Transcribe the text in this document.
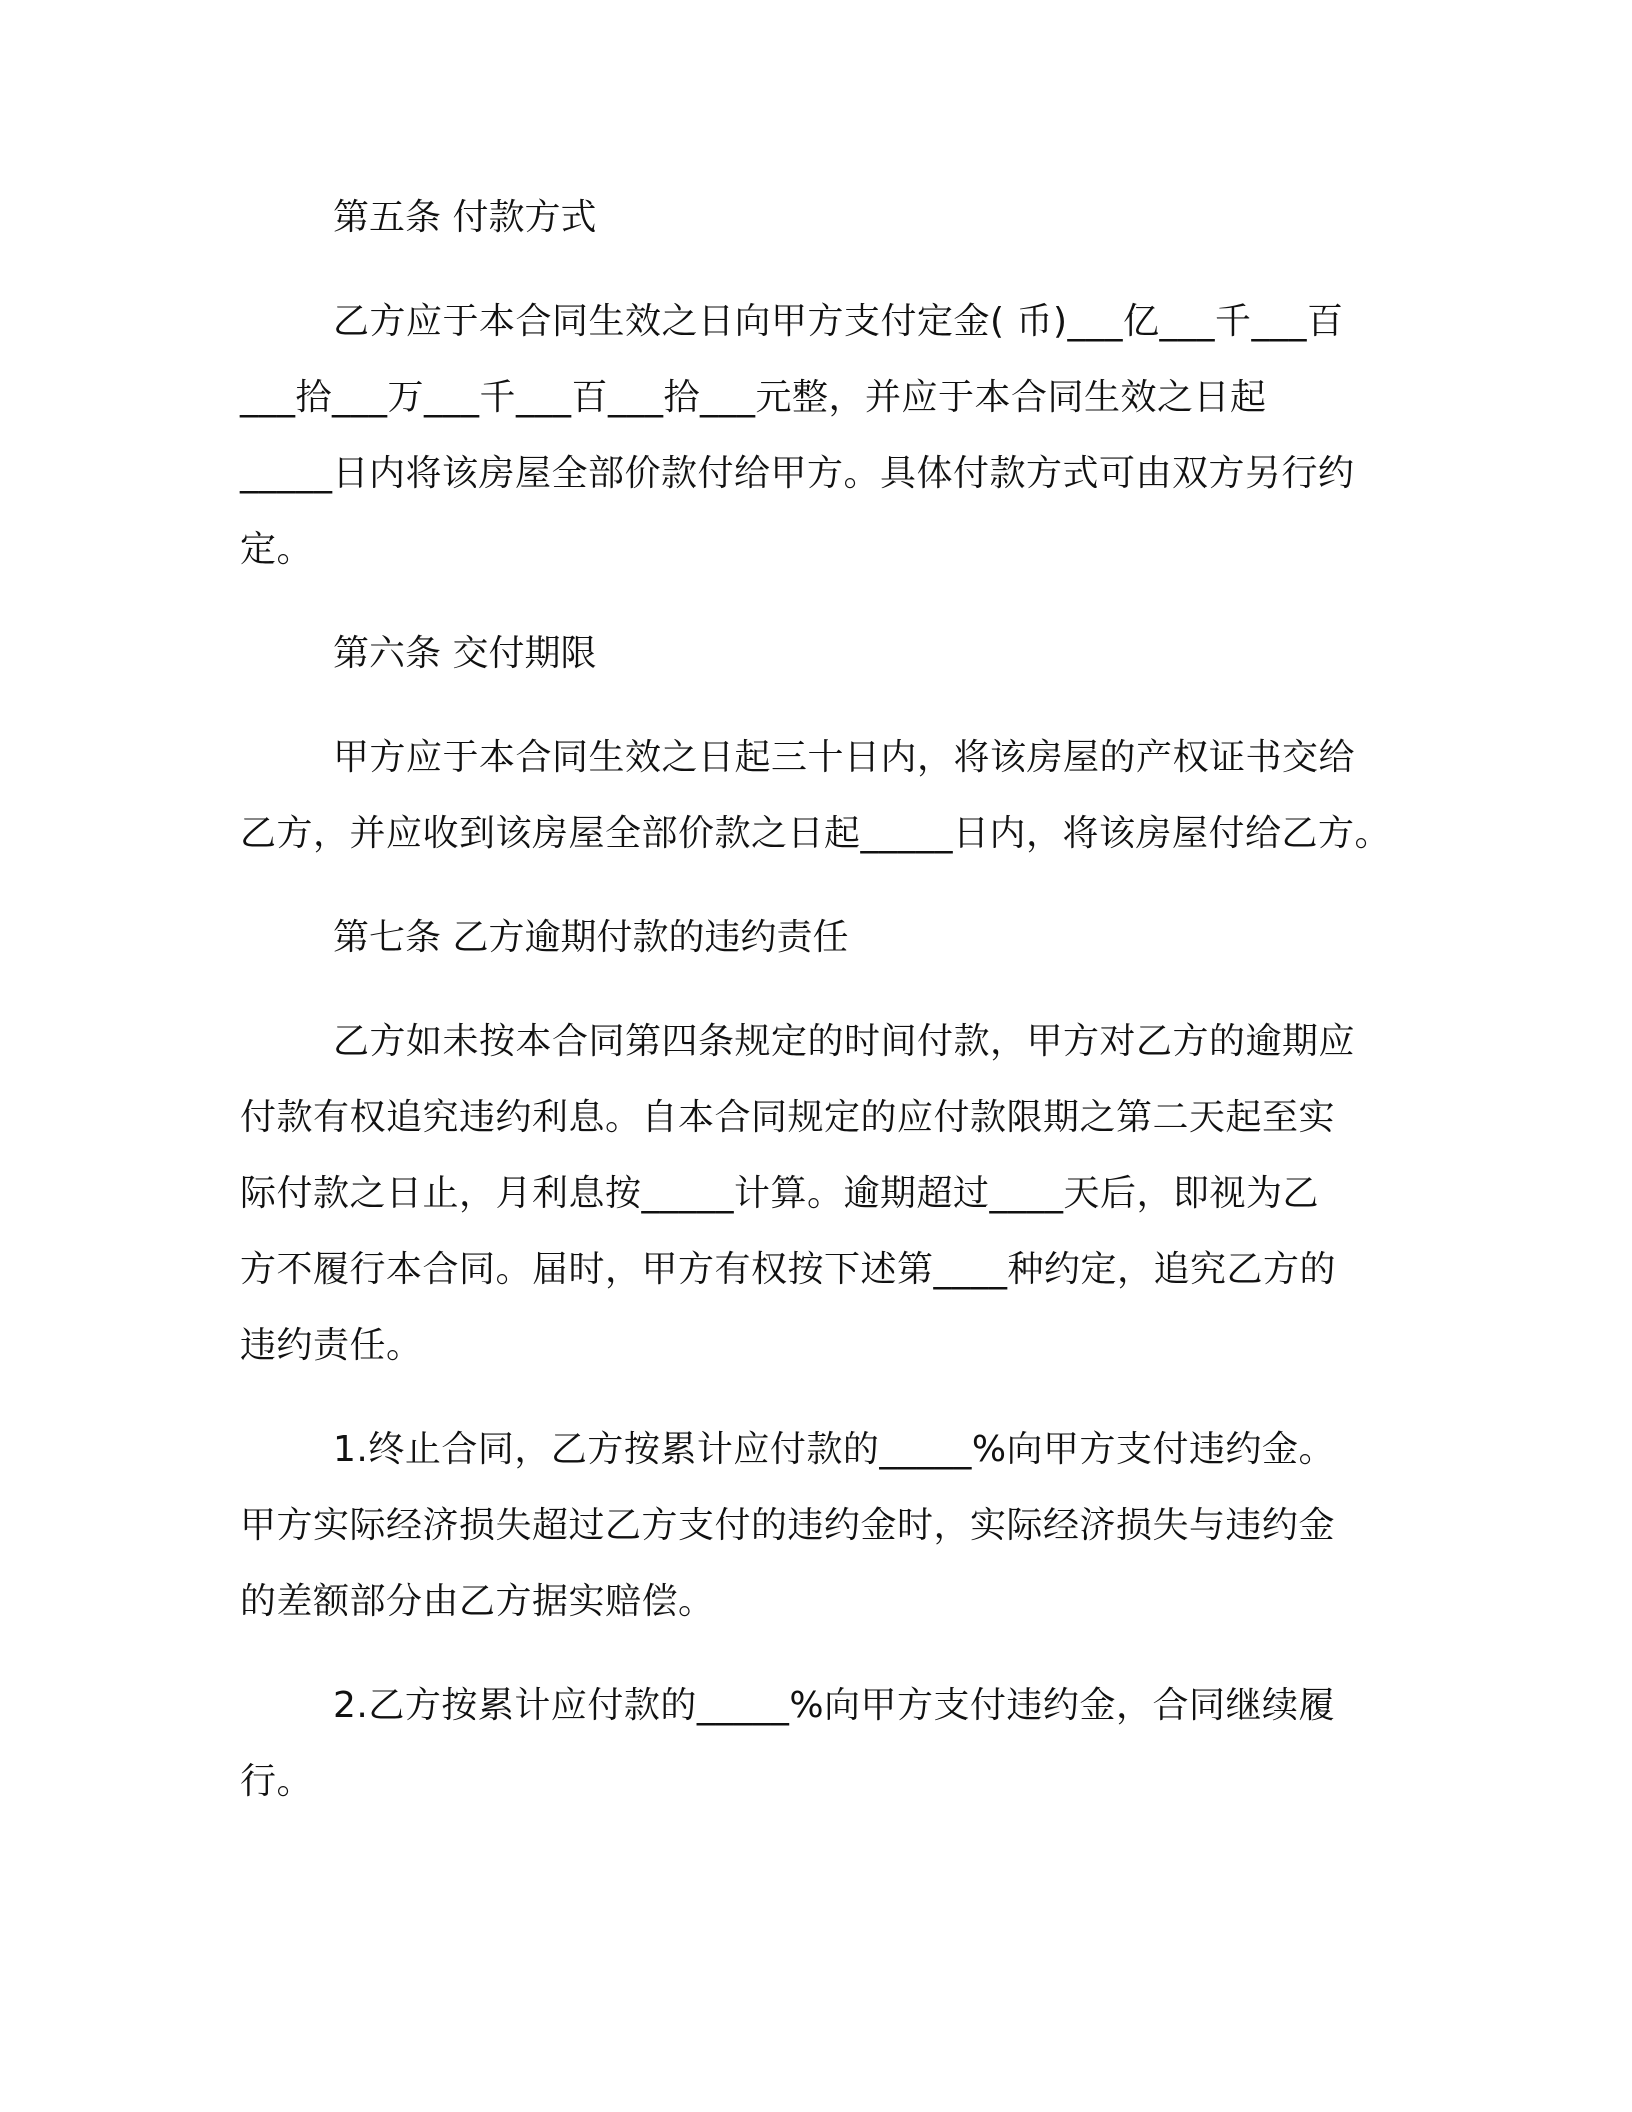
第五条 付款方式
乙方应于本合同生效之日向甲方支付定金( 币)___亿___千___百
___拾___万___千___百___拾___元整，并应于本合同生效之日起
_____日内将该房屋全部价款付给甲方。具体付款方式可由双方另行约
定。
第六条 交付期限
甲方应于本合同生效之日起三十日内，将该房屋的产权证书交给
乙方，并应收到该房屋全部价款之日起_____日内，将该房屋付给乙方。
第七条 乙方逾期付款的违约责任
乙方如未按本合同第四条规定的时间付款，甲方对乙方的逾期应
付款有权追究违约利息。自本合同规定的应付款限期之第二天起至实
际付款之日止，月利息按_____计算。逾期超过____天后，即视为乙
方不履行本合同。届时，甲方有权按下述第____种约定，追究乙方的
违约责任。
1.终止合同，乙方按累计应付款的_____%向甲方支付违约金。
甲方实际经济损失超过乙方支付的违约金时，实际经济损失与违约金
的差额部分由乙方据实赔偿。
2.乙方按累计应付款的_____%向甲方支付违约金，合同继续履
行。
